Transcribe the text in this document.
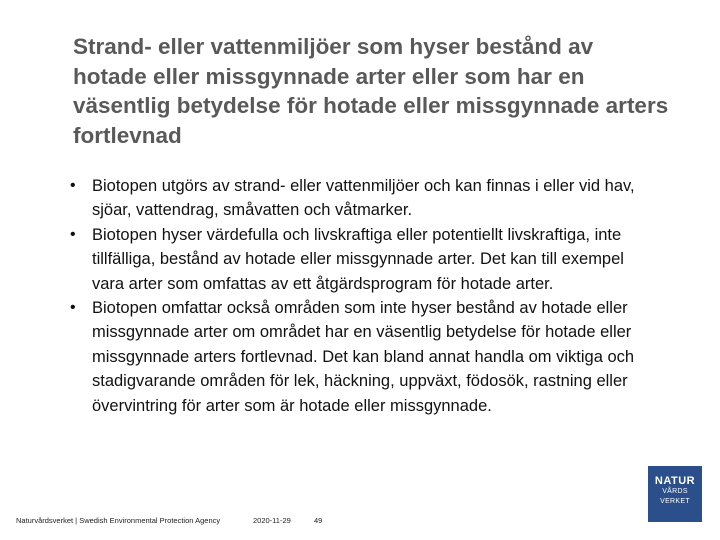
Strand- eller vattenmiljöer som hyser bestånd av hotade eller missgynnade arter eller som har en väsentlig betydelse för hotade eller missgynnade arters fortlevnad
• Biotopen utgörs av strand- eller vattenmiljöer och kan finnas i eller vid hav, sjöar, vattendrag, småvatten och våtmarker.
• Biotopen hyser värdefulla och livskraftiga eller potentiellt livskraftiga, inte tillfälliga, bestånd av hotade eller missgynnade arter. Det kan till exempel vara arter som omfattas av ett åtgärdsprogram för hotade arter.
• Biotopen omfattar också områden som inte hyser bestånd av hotade eller missgynnade arter om området har en väsentlig betydelse för hotade eller missgynnade arters fortlevnad. Det kan bland annat handla om viktiga och stadigvarande områden för lek, häckning, uppväxt, födosök, rastning eller övervintring för arter som är hotade eller missgynnade.
Naturvårdsverket | Swedish Environmental Protection Agency	2020-11-29	49
NATUR
VÅRDS
VERKET
